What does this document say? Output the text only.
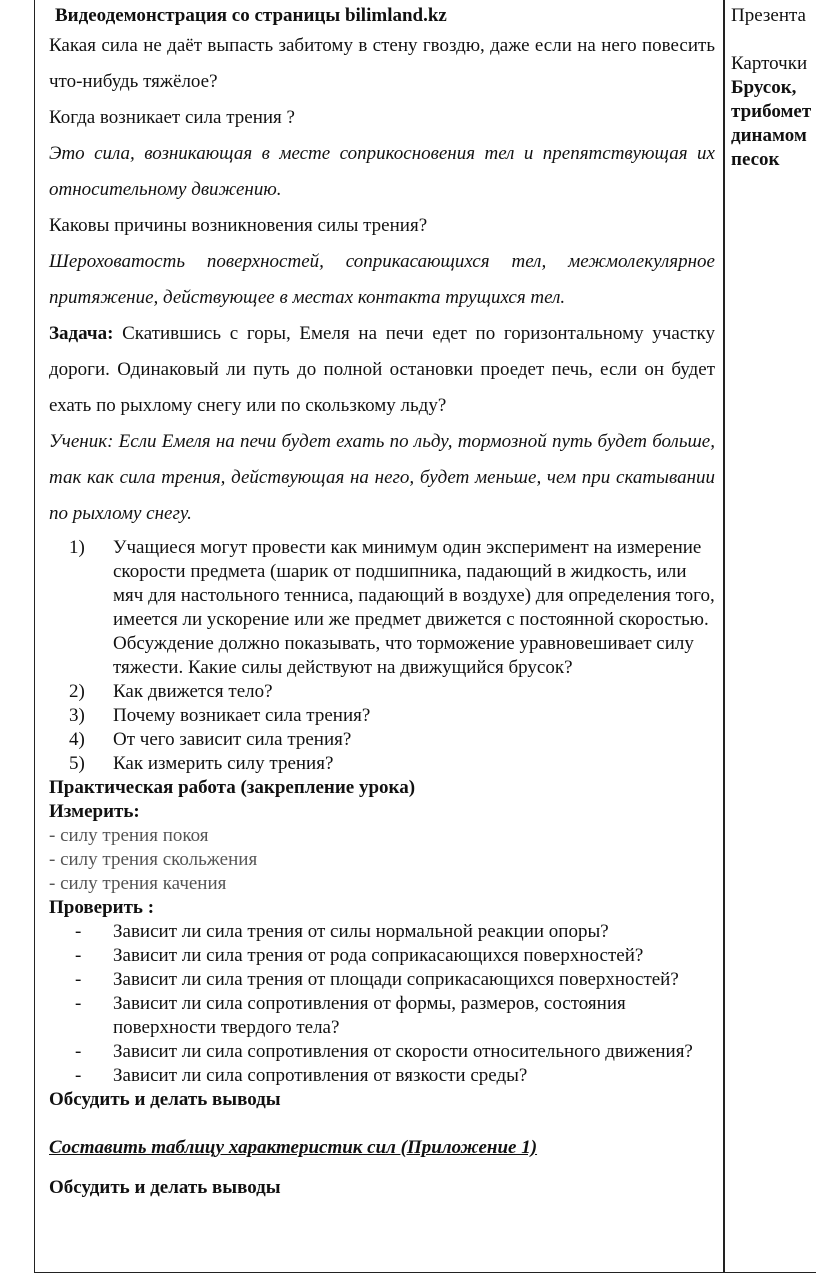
Видеодемонстрация со страницы bilimland.kz
Какая сила не даёт выпасть забитому в стену гвоздю, даже если на него повесить что-нибудь тяжёлое?
Когда возникает сила трения ?
Это сила, возникающая в месте соприкосновения тел и препятствующая их относительному движению.
Каковы причины возникновения силы трения?
Шероховатость поверхностей, соприкасающихся тел, межмолекулярное притяжение, действующее в местах контакта трущихся тел.
Задача: Скатившись с горы, Емеля на печи едет по горизонтальному участку дороги. Одинаковый ли путь до полной остановки проедет печь, если он будет ехать по рыхлому снегу или по скользкому льду?
Ученик: Если Емеля на печи будет ехать по льду, тормозной путь будет больше, так как сила трения, действующая на него, будет меньше, чем при скатывании по рыхлому снегу.
1) Учащиеся могут провести как минимум один эксперимент на измерение скорости предмета (шарик от подшипника, падающий в жидкость, или мяч для настольного тенниса, падающий в воздухе) для определения того, имеется ли ускорение или же предмет движется с постоянной скоростью. Обсуждение должно показывать, что торможение уравновешивает силу тяжести. Какие силы действуют на движущийся брусок?
2) Как движется тело?
3) Почему возникает сила трения?
4) От чего зависит сила трения?
5) Как измерить силу трения?
Практическая работа (закрепление урока)
Измерить:
- силу трения покоя
- силу трения скольжения
- силу трения качения
Проверить :
- Зависит ли сила трения от силы нормальной реакции опоры?
- Зависит ли сила трения от рода соприкасающихся поверхностей?
- Зависит ли сила трения от площади соприкасающихся поверхностей?
- Зависит ли сила сопротивления от формы, размеров, состояния поверхности твердого тела?
- Зависит ли сила сопротивления от скорости относительного движения?
- Зависит ли сила сопротивления от вязкости среды?
Обсудить и делать выводы
Составить таблицу характеристик сил (Приложение 1)
Обсудить и делать выводы
Презента
Карточки
Брусок,
трибомет
динамом
песок
